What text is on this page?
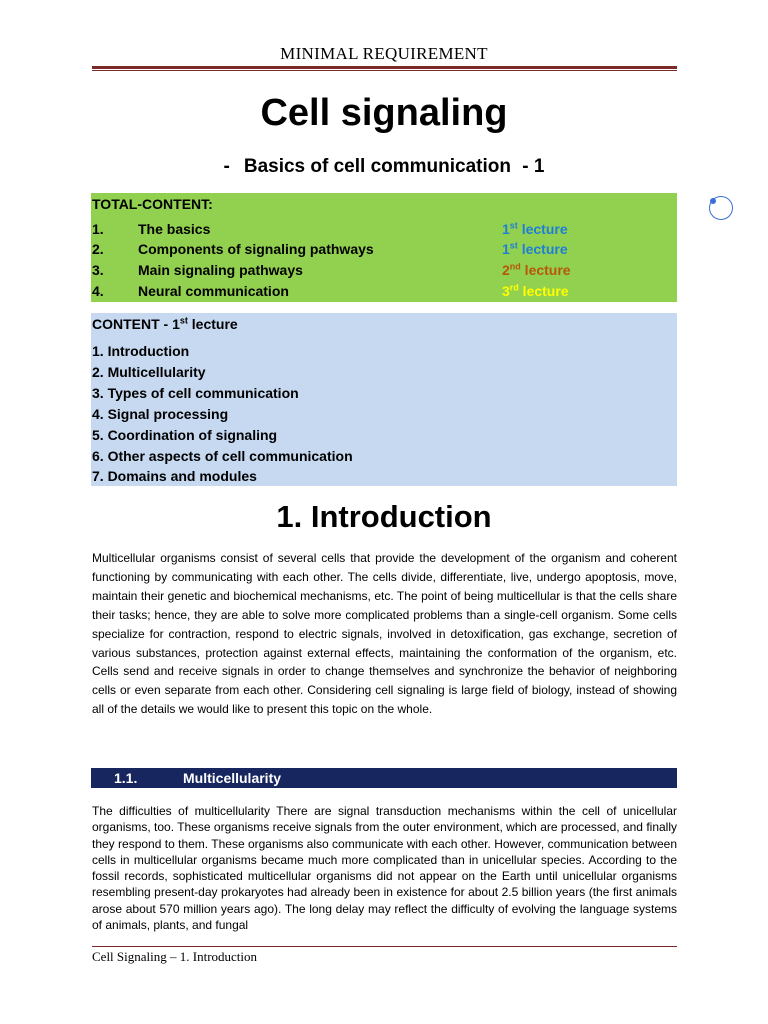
MINIMAL REQUIREMENT
Cell signaling
- Basics of cell communication - 1
TOTAL-CONTENT:
1. The basics	1st lecture
2. Components of signaling pathways	1st lecture
3. Main signaling pathways	2nd lecture
4. Neural communication	3rd lecture
CONTENT - 1st lecture
1. Introduction
2. Multicellularity
3. Types of cell communication
4. Signal processing
5. Coordination of signaling
6. Other aspects of cell communication
7. Domains and modules
1. Introduction
Multicellular organisms consist of several cells that provide the development of the organism and coherent functioning by communicating with each other. The cells divide, differentiate, live, undergo apoptosis, move, maintain their genetic and biochemical mechanisms, etc. The point of being multicellular is that the cells share their tasks; hence, they are able to solve more complicated problems than a single-cell organism. Some cells specialize for contraction, respond to electric signals, involved in detoxification, gas exchange, secretion of various substances, protection against external effects, maintaining the conformation of the organism, etc. Cells send and receive signals in order to change themselves and synchronize the behavior of neighboring cells or even separate from each other. Considering cell signaling is large field of biology, instead of showing all of the details we would like to present this topic on the whole.
1.1.	Multicellularity
The difficulties of multicellularity There are signal transduction mechanisms within the cell of unicellular organisms, too. These organisms receive signals from the outer environment, which are processed, and finally they respond to them. These organisms also communicate with each other. However, communication between cells in multicellular organisms became much more complicated than in unicellular species. According to the fossil records, sophisticated multicellular organisms did not appear on the Earth until unicellular organisms resembling present-day prokaryotes had already been in existence for about 2.5 billion years (the first animals arose about 570 million years ago). The long delay may reflect the difficulty of evolving the language systems of animals, plants, and fungal
Cell Signaling – 1. Introduction
